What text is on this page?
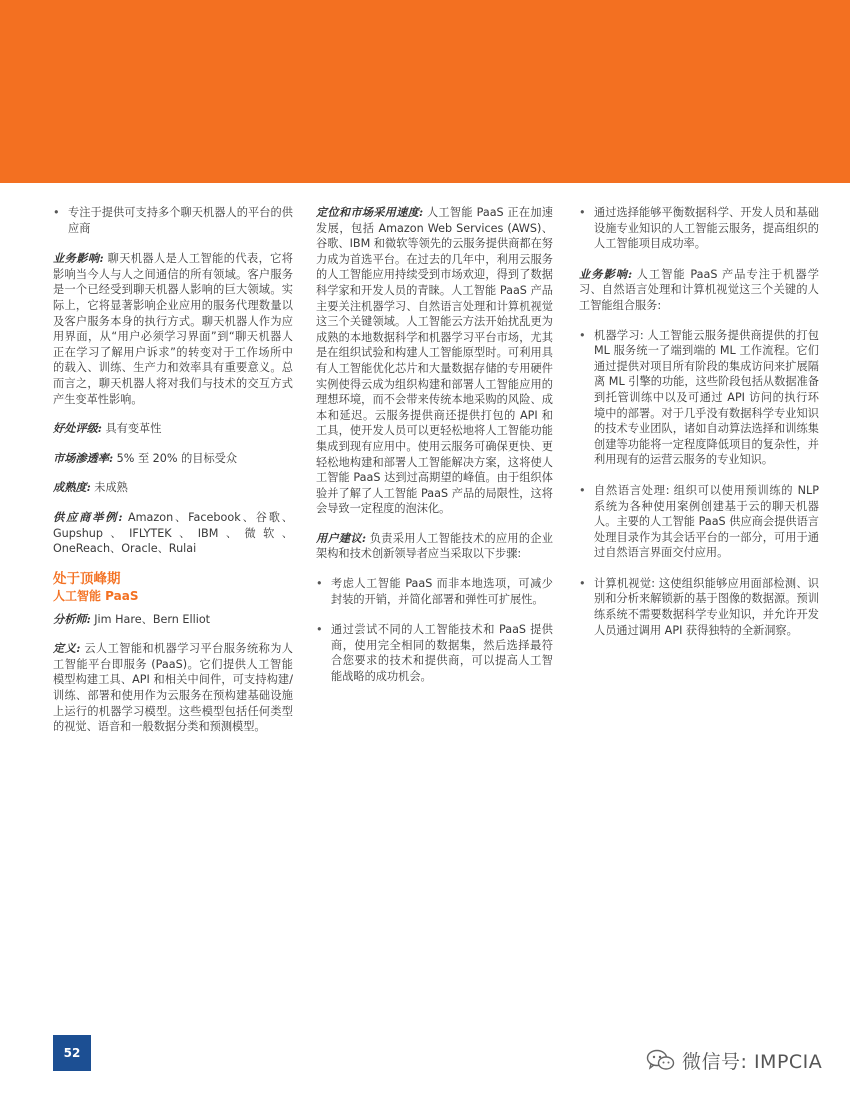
• 专注于提供可支持多个聊天机器人的平台的供应商

业务影响: 聊天机器人是人工智能的代表，它将影响当今人与人之间通信的所有领域。客户服务是一个已经受到聊天机器人影响的巨大领域。实际上，它将显著影响企业应用的服务代理数量以及客户服务本身的执行方式。聊天机器人作为应用界面，从“用户必须学习界面”到“聊天机器人正在学习了解用户诉求”的转变对于工作场所中的载入、训练、生产力和效率具有重要意义。总而言之，聊天机器人将对我们与技术的交互方式产生变革性影响。

好处评级: 具有变革性

市场渗透率: 5% 至 20% 的目标受众

成熟度: 未成熟

供应商举例: Amazon、Facebook、谷歌、Gupshup、IFLYTEK、IBM、微软、OneReach、Oracle、Rulai

处于顶峰期
人工智能 PaaS

分析师: Jim Hare、Bern Elliot

定义: 云人工智能和机器学习平台服务统称为人工智能平台即服务 (PaaS)。它们提供人工智能模型构建工具、API 和相关中间件，可支持构建/训练、部署和使用作为云服务在预构建基础设施上运行的机器学习模型。这些模型包括任何类型的视觉、语音和一般数据分类和预测模型。

定位和市场采用速度: 人工智能 PaaS 正在加速发展，包括 Amazon Web Services (AWS)、谷歌、IBM 和微软等领先的云服务提供商都在努力成为首选平台。在过去的几年中，利用云服务的人工智能应用持续受到市场欢迎，得到了数据科学家和开发人员的青睐。人工智能 PaaS 产品主要关注机器学习、自然语言处理和计算机视觉这三个关键领域。人工智能云方法开始扰乱更为成熟的本地数据科学和机器学习平台市场，尤其是在组织试验和构建人工智能原型时。可利用具有人工智能优化芯片和大量数据存储的专用硬件实例使得云成为组织构建和部署人工智能应用的理想环境，而不会带来传统本地采购的风险、成本和延迟。云服务提供商还提供打包的 API 和工具，使开发人员可以更轻松地将人工智能功能集成到现有应用中。使用云服务可确保更快、更轻松地构建和部署人工智能解决方案，这将使人工智能 PaaS 达到过高期望的峰值。由于组织体验并了解了人工智能 PaaS 产品的局限性，这将会导致一定程度的泡沫化。

用户建议: 负责采用人工智能技术的应用的企业架构和技术创新领导者应当采取以下步骤:

• 考虑人工智能 PaaS 而非本地选项，可减少封装的开销，并简化部署和弹性可扩展性。
• 通过尝试不同的人工智能技术和 PaaS 提供商，使用完全相同的数据集，然后选择最符合您要求的技术和提供商，可以提高人工智能战略的成功机会。
• 通过选择能够平衡数据科学、开发人员和基础设施专业知识的人工智能云服务，提高组织的人工智能项目成功率。

业务影响: 人工智能 PaaS 产品专注于机器学习、自然语言处理和计算机视觉这三个关键的人工智能组合服务:

• 机器学习: 人工智能云服务提供商提供的打包 ML 服务统一了端到端的 ML 工作流程。它们通过提供对项目所有阶段的集成访问来扩展隔离 ML 引擎的功能，这些阶段包括从数据准备到托管训练中以及可通过 API 访问的执行环境中的部署。对于几乎没有数据科学专业知识的技术专业团队，诸如自动算法选择和训练集创建等功能将一定程度降低项目的复杂性，并利用现有的运营云服务的专业知识。
• 自然语言处理: 组织可以使用预训练的 NLP 系统为各种使用案例创建基于云的聊天机器人。主要的人工智能 PaaS 供应商会提供语言处理目录作为其会话平台的一部分，可用于通过自然语言界面交付应用。
• 计算机视觉: 这使组织能够应用面部检测、识别和分析来解锁新的基于图像的数据源。预训练系统不需要数据科学专业知识，并允许开发人员通过调用 API 获得独特的全新洞察。
52	微信号: IMPCIA
